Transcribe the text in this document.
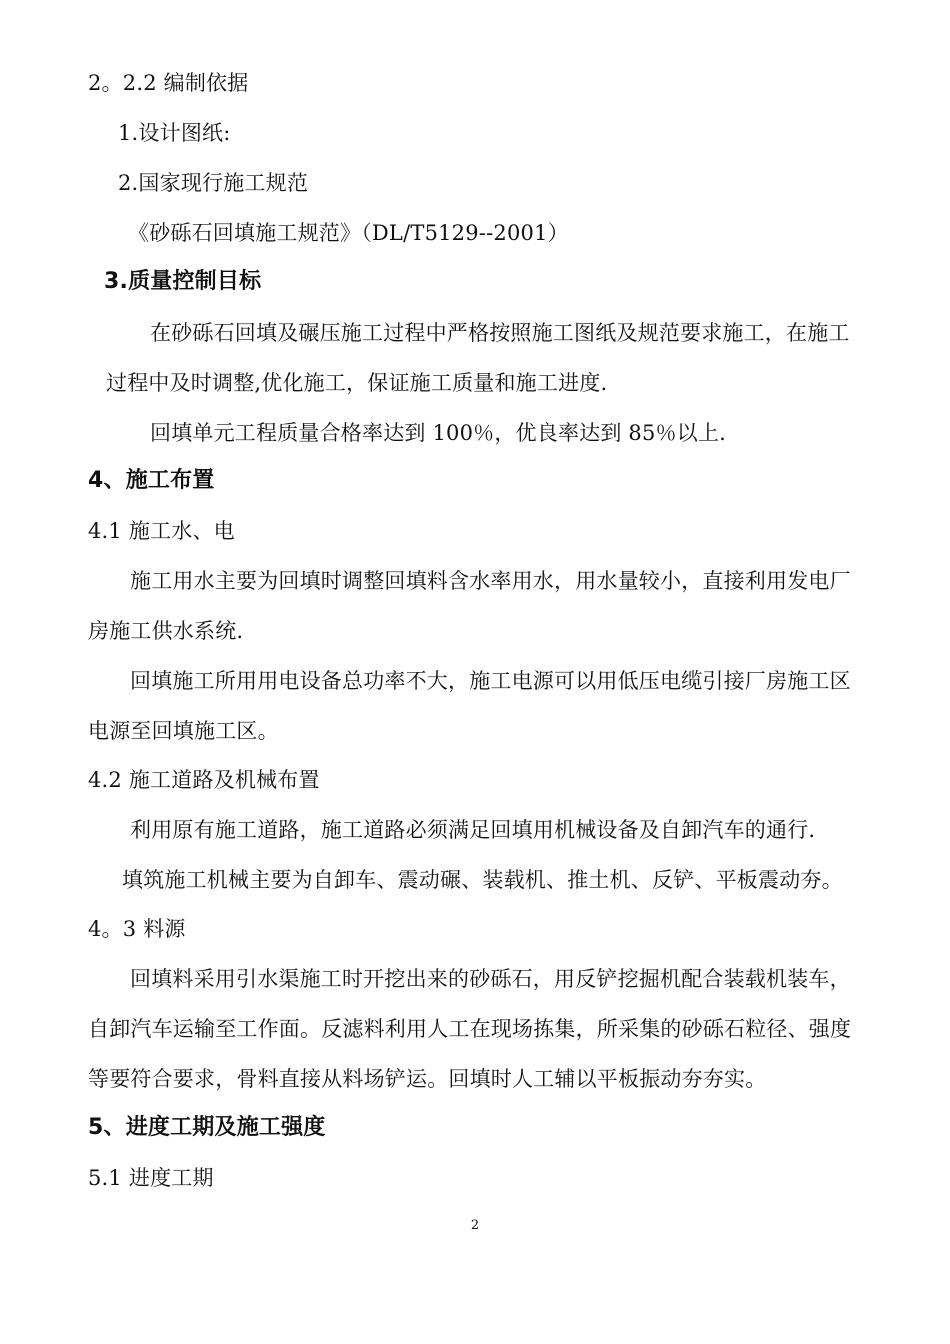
2。2.2 编制依据
1.设计图纸:
2.国家现行施工规范
《砂砾石回填施工规范》（DL/T5129--2001）
3.质量控制目标
在砂砾石回填及碾压施工过程中严格按照施工图纸及规范要求施工，在施工
过程中及时调整,优化施工，保证施工质量和施工进度.
回填单元工程质量合格率达到 100％，优良率达到 85％以上.
4、施工布置
4.1 施工水、电
施工用水主要为回填时调整回填料含水率用水，用水量较小，直接利用发电厂
房施工供水系统.
回填施工所用用电设备总功率不大，施工电源可以用低压电缆引接厂房施工区
电源至回填施工区。
4.2 施工道路及机械布置
利用原有施工道路，施工道路必须满足回填用机械设备及自卸汽车的通行.
填筑施工机械主要为自卸车、震动碾、装载机、推土机、反铲、平板震动夯。
4。3 料源
回填料采用引水渠施工时开挖出来的砂砾石，用反铲挖掘机配合装载机装车，
自卸汽车运输至工作面。反滤料利用人工在现场拣集，所采集的砂砾石粒径、强度
等要符合要求，骨料直接从料场铲运。回填时人工辅以平板振动夯夯实。
5、进度工期及施工强度
5.1 进度工期
2
